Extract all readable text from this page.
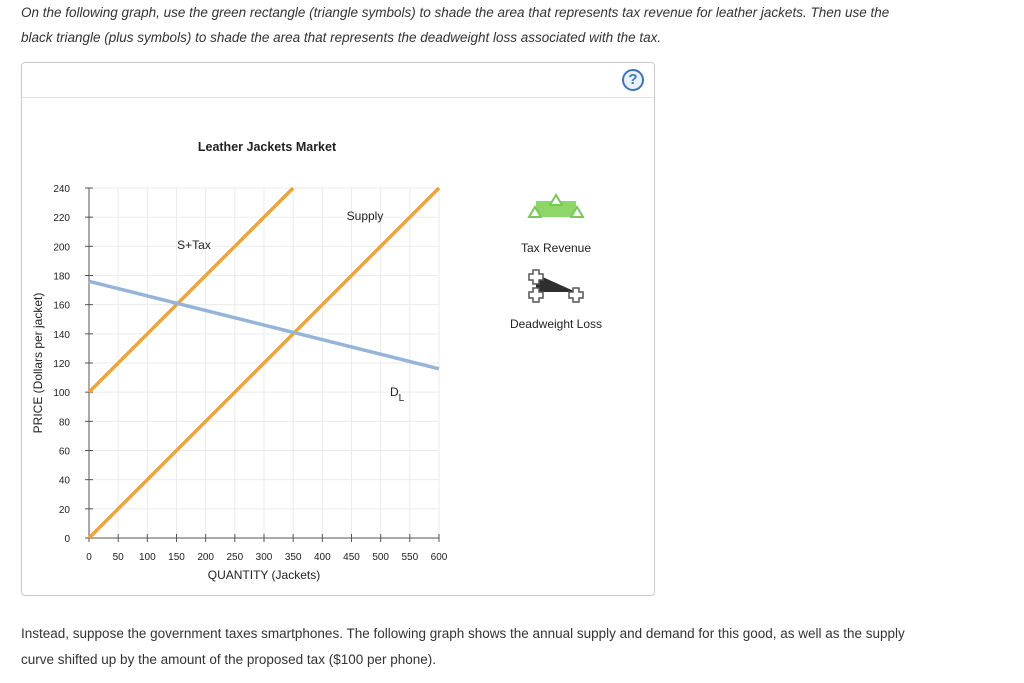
On the following graph, use the green rectangle (triangle symbols) to shade the area that represents tax revenue for leather jackets. Then use the
black triangle (plus symbols) to shade the area that represents the deadweight loss associated with the tax.
?
Leather Jackets Market
0 50 100 150 200 250 300 350 400 450 500 550 600
0
20
40
60
80
100
120
140
160
180
200
220
240
Supply
S+Tax
$D_L$
QUANTITY (Jackets)
PRICE (Dollars per jacket)
Tax Revenue
Deadweight Loss
Instead, suppose the government taxes smartphones. The following graph shows the annual supply and demand for this good, as well as the supply
curve shifted up by the amount of the proposed tax ($100 per phone).
